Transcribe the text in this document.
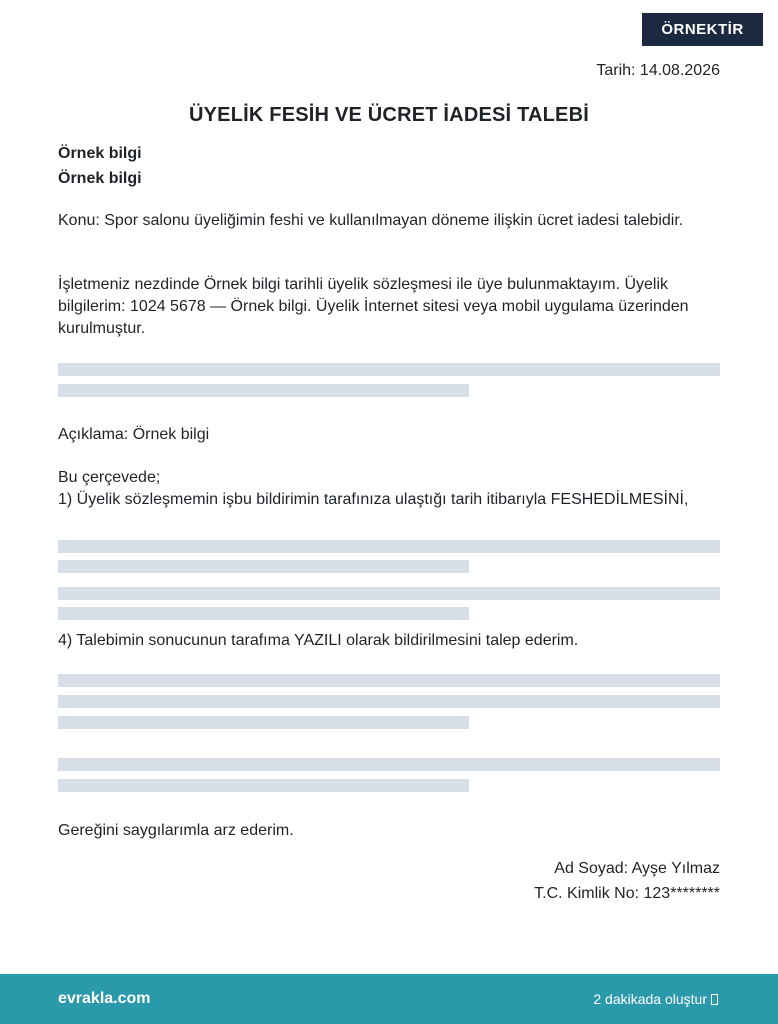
ÖRNEKTİR
Tarih: 14.08.2026
ÜYELİK FESİH VE ÜCRET İADESİ TALEBİ
Örnek bilgi
Örnek bilgi
Konu: Spor salonu üyeliğimin feshi ve kullanılmayan döneme ilişkin ücret iadesi talebidir.
İşletmeniz nezdinde Örnek bilgi tarihli üyelik sözleşmesi ile üye bulunmaktayım. Üyelik bilgilerim: 1024 5678 — Örnek bilgi. Üyelik İnternet sitesi veya mobil uygulama üzerinden kurulmuştur.
Açıklama: Örnek bilgi
Bu çerçevede;
1) Üyelik sözleşmemin işbu bildirimin tarafınıza ulaştığı tarih itibarıyla FESHEDİLMESİNİ,
4) Talebimin sonucunun tarafıma YAZILI olarak bildirilmesini talep ederim.
Gereğini saygılarımla arz ederim.
Ad Soyad: Ayşe Yılmaz
T.C. Kimlik No: 123********
evrakla.com	2 dakikada oluştur
